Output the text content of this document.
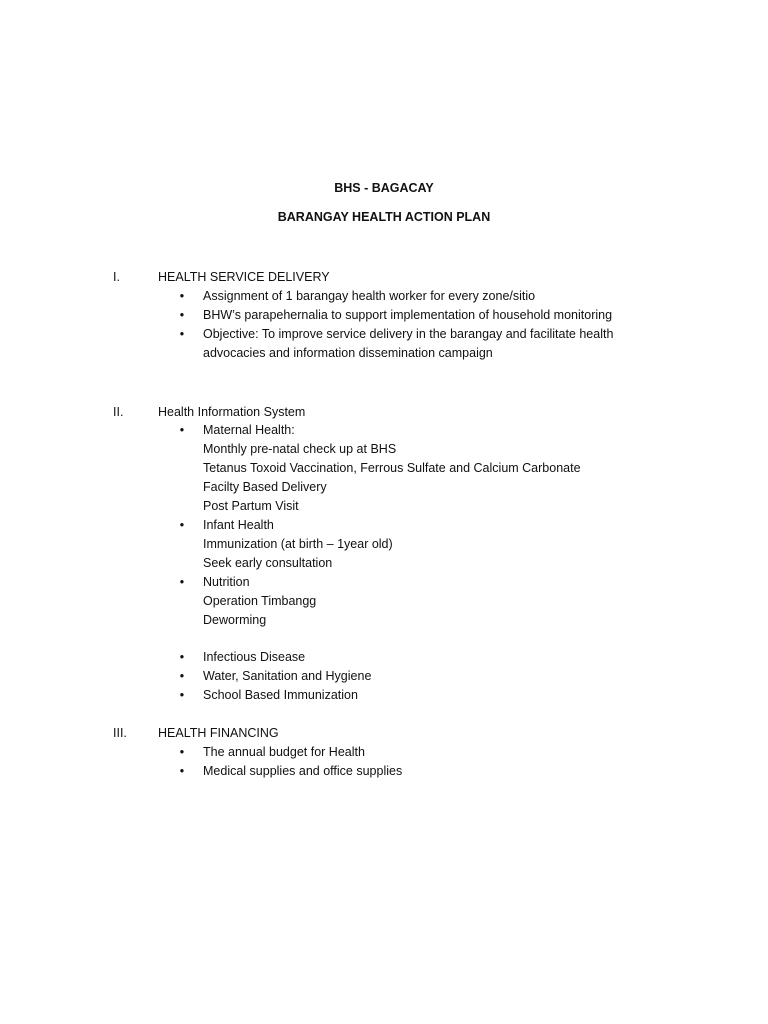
BHS - BAGACAY
BARANGAY HEALTH ACTION PLAN
I.	HEALTH SERVICE DELIVERY
• Assignment of 1 barangay health worker for every zone/sitio
• BHW’s parapehernalia to support implementation of household monitoring
• Objective: To improve service delivery in the barangay and facilitate health advocacies and information dissemination campaign
II.	Health Information System
• Maternal Health:
Monthly pre-natal check up at BHS
Tetanus Toxoid Vaccination, Ferrous Sulfate and Calcium Carbonate
Facilty Based Delivery
Post Partum Visit
• Infant Health
Immunization (at birth – 1year old)
Seek early consultation
• Nutrition
Operation Timbangg
Deworming
• Infectious Disease
• Water, Sanitation and Hygiene
• School Based Immunization
III. HEALTH FINANCING
• The annual budget for Health
• Medical supplies and office supplies
